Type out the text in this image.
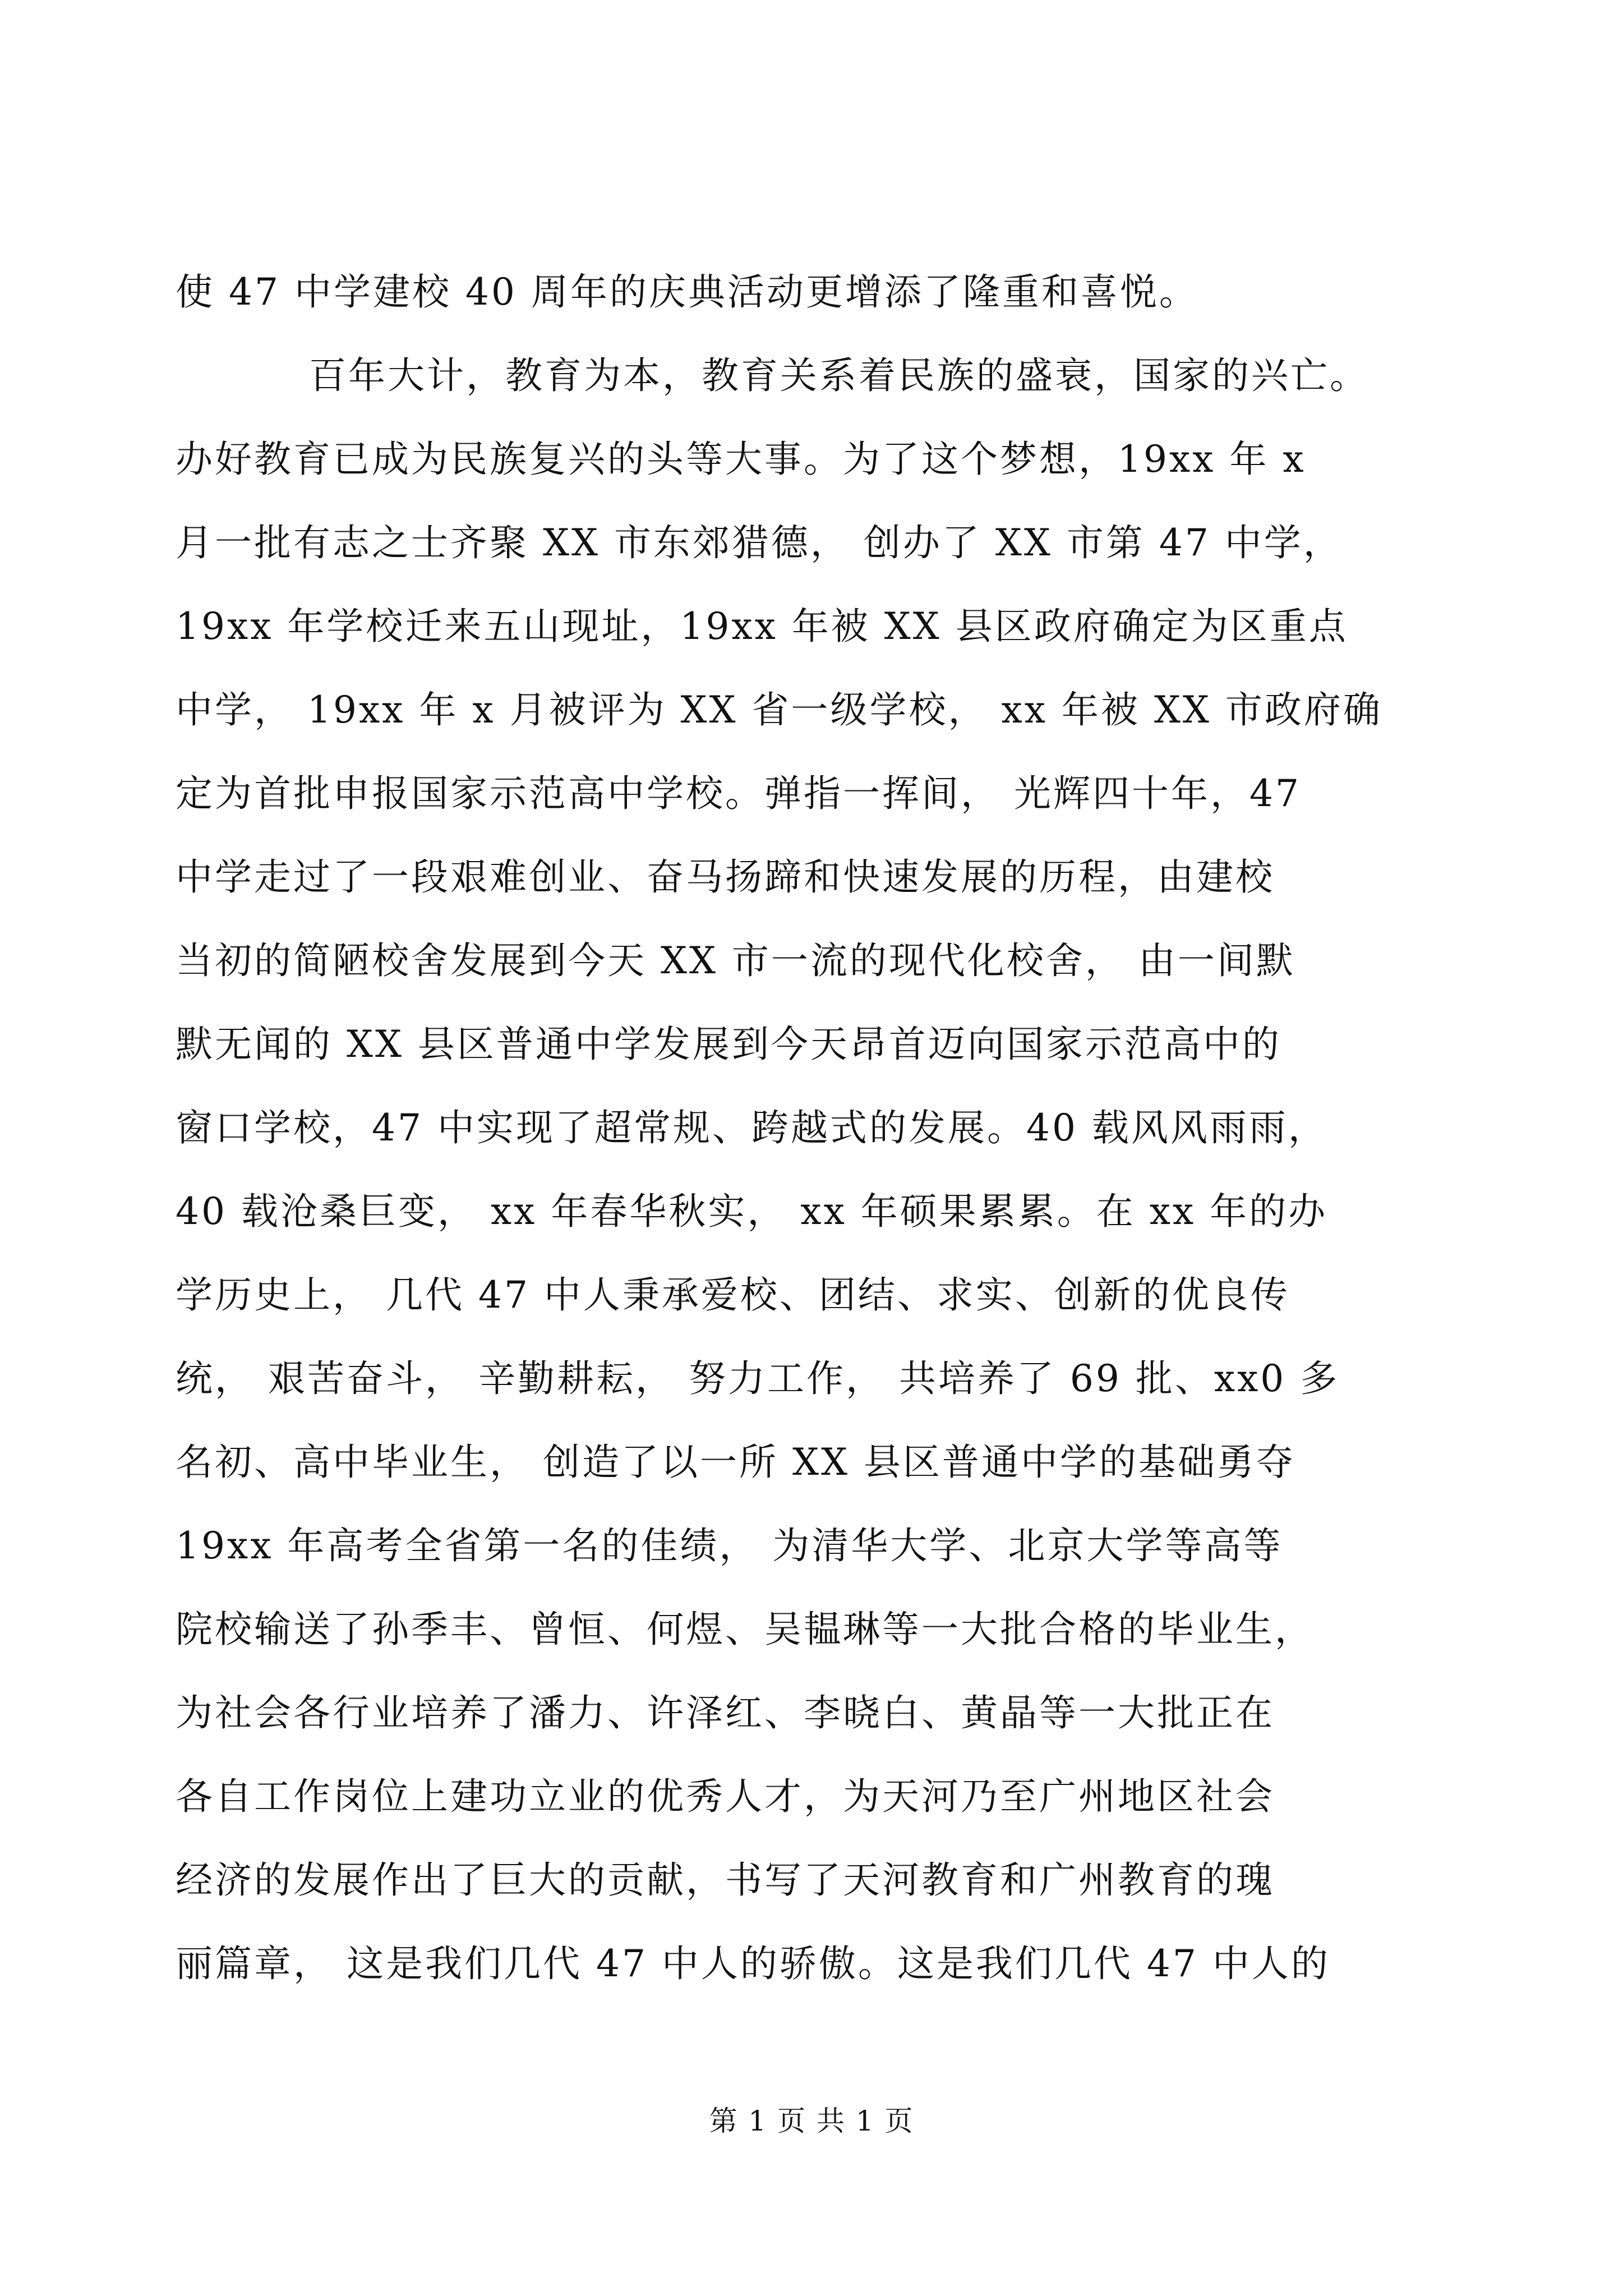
使 47 中学建校 40 周年的庆典活动更增添了隆重和喜悦。
百年大计，教育为本，教育关系着民族的盛衰，国家的兴亡。
办好教育已成为民族复兴的头等大事。为了这个梦想，19xx 年 x
月一批有志之士齐聚 XX 市东郊猎德， 创办了 XX 市第 47 中学，
19xx 年学校迁来五山现址，19xx 年被 XX 县区政府确定为区重点
中学， 19xx 年 x 月被评为 XX 省一级学校， xx 年被 XX 市政府确
定为首批申报国家示范高中学校。弹指一挥间， 光辉四十年，47
中学走过了一段艰难创业、奋马扬蹄和快速发展的历程，由建校
当初的简陋校舍发展到今天 XX 市一流的现代化校舍， 由一间默
默无闻的 XX 县区普通中学发展到今天昂首迈向国家示范高中的
窗口学校，47 中实现了超常规、跨越式的发展。40 载风风雨雨，
40 载沧桑巨变， xx 年春华秋实， xx 年硕果累累。在 xx 年的办
学历史上， 几代 47 中人秉承爱校、团结、求实、创新的优良传
统， 艰苦奋斗， 辛勤耕耘， 努力工作， 共培养了 69 批、xx0 多
名初、高中毕业生， 创造了以一所 XX 县区普通中学的基础勇夺
19xx 年高考全省第一名的佳绩， 为清华大学、北京大学等高等
院校输送了孙季丰、曾恒、何煜、吴韫琳等一大批合格的毕业生，
为社会各行业培养了潘力、许泽红、李晓白、黄晶等一大批正在
各自工作岗位上建功立业的优秀人才，为天河乃至广州地区社会
经济的发展作出了巨大的贡献，书写了天河教育和广州教育的瑰
丽篇章， 这是我们几代 47 中人的骄傲。这是我们几代 47 中人的
第 1 页 共 1 页
